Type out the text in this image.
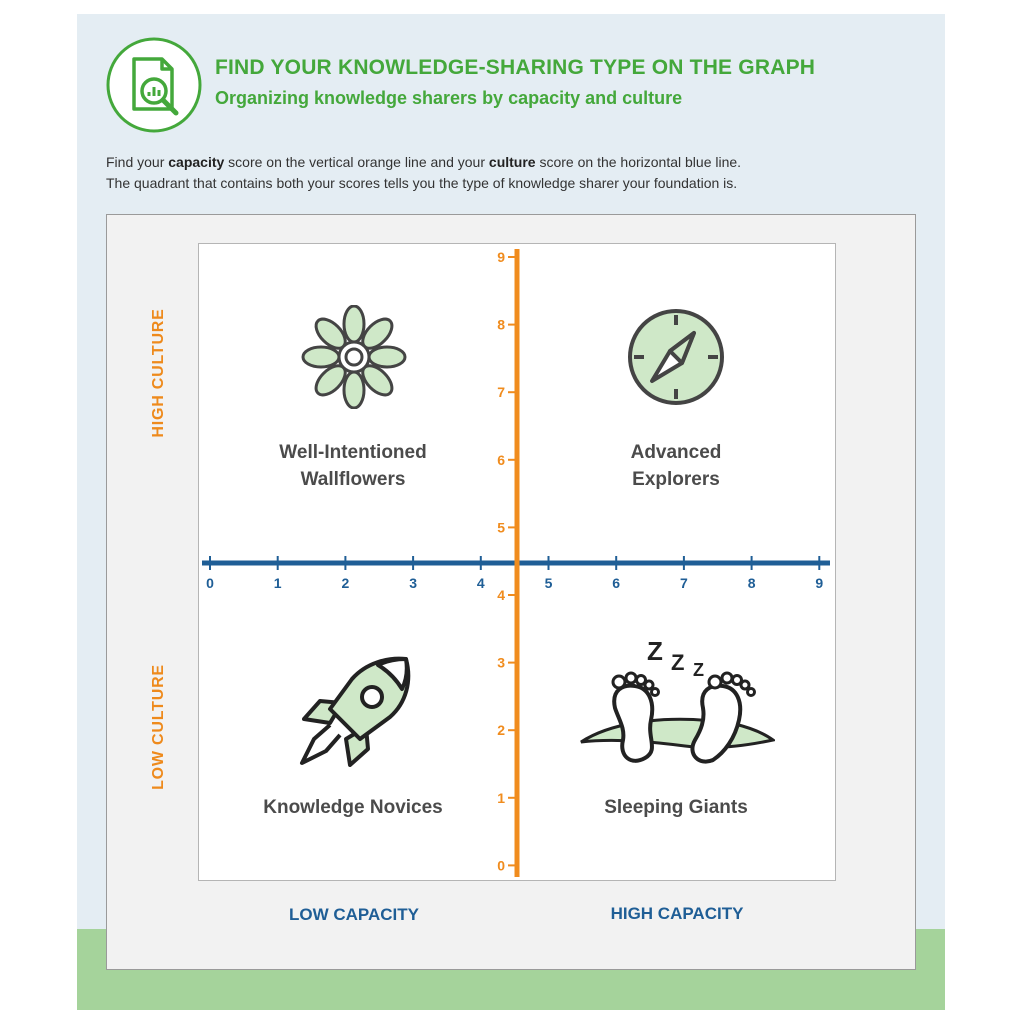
FIND YOUR KNOWLEDGE-SHARING TYPE ON THE GRAPH
Organizing knowledge sharers by capacity and culture
Find your capacity score on the vertical orange line and your culture score on the horizontal blue line.
The quadrant that contains both your scores tells you the type of knowledge sharer your foundation is.
HIGH CULTURE
LOW CULTURE
LOW CAPACITY	HIGH CAPACITY
Z Z Z
Well-Intentioned
Wallflowers
Advanced
Explorers
Knowledge Novices	Sleeping Giants
0	1	2	3	4	5	6	7	8	9
9
8
7
6
5
4
3
2
1
0
